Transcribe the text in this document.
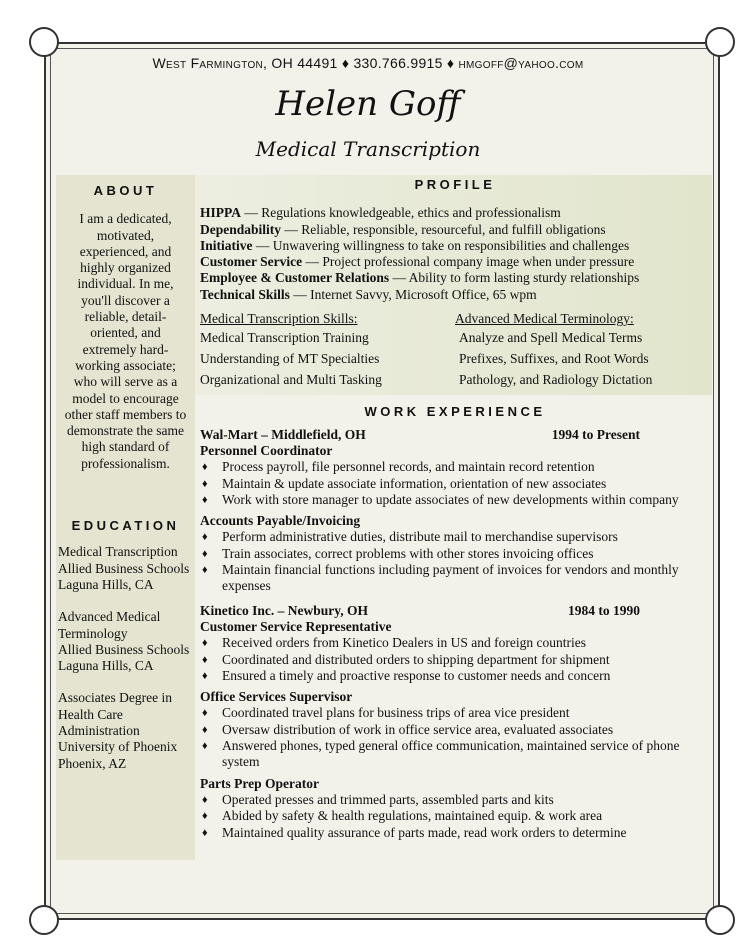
West Farmington, OH 44491 ♦ 330.766.9915 ♦ hmgoff@yahoo.com
Helen Goff
Medical Transcription
ABOUT
I am a dedicated, motivated, experienced, and highly organized individual. In me, you'll discover a reliable, detail-oriented, and extremely hard-working associate; who will serve as a model to encourage other staff members to demonstrate the same high standard of professionalism.
EDUCATION

Medical Transcription
Allied Business Schools
Laguna Hills, CA

Advanced Medical Terminology
Allied Business Schools
Laguna Hills, CA

Associates Degree in Health Care Administration
University of Phoenix
Phoenix, AZ

PROFILE

HIPPA — Regulations knowledgeable, ethics and professionalism

Dependability — Reliable, responsible, resourceful, and fulfill obligations

Initiative — Unwavering willingness to take on responsibilities and challenges

Customer Service — Project professional company image when under pressure

Employee & Customer Relations — Ability to form lasting sturdy relationships

Technical Skills — Internet Savvy, Microsoft Office, 65 wpm

Medical Transcription Skills:
Medical Transcription Training
Understanding of MT Specialties
Organizational and Multi Tasking
Advanced Medical Terminology:
Analyze and Spell Medical Terms
Prefixes, Suffixes, and Root Words
Pathology, and Radiology Dictation
WORK EXPERIENCE
Wal-Mart – Middlefield, OH	1994 to Present
Personnel Coordinator
♦ Process payroll, file personnel records, and maintain record retention
♦ Maintain & update associate information, orientation of new associates
♦ Work with store manager to update associates of new developments within company
Accounts Payable/Invoicing
♦ Perform administrative duties, distribute mail to merchandise supervisors
♦ Train associates, correct problems with other stores invoicing offices
♦ Maintain financial functions including payment of invoices for vendors and monthly expenses
Kinetico Inc. – Newbury, OH	1984 to 1990
Customer Service Representative
♦ Received orders from Kinetico Dealers in US and foreign countries
♦ Coordinated and distributed orders to shipping department for shipment
♦ Ensured a timely and proactive response to customer needs and concern
Office Services Supervisor
♦ Coordinated travel plans for business trips of area vice president
♦ Oversaw distribution of work in office service area, evaluated associates
♦ Answered phones, typed general office communication, maintained service of phone system
Parts Prep Operator
♦ Operated presses and trimmed parts, assembled parts and kits
♦ Abided by safety & health regulations, maintained equip. & work area
♦ Maintained quality assurance of parts made, read work orders to determine
